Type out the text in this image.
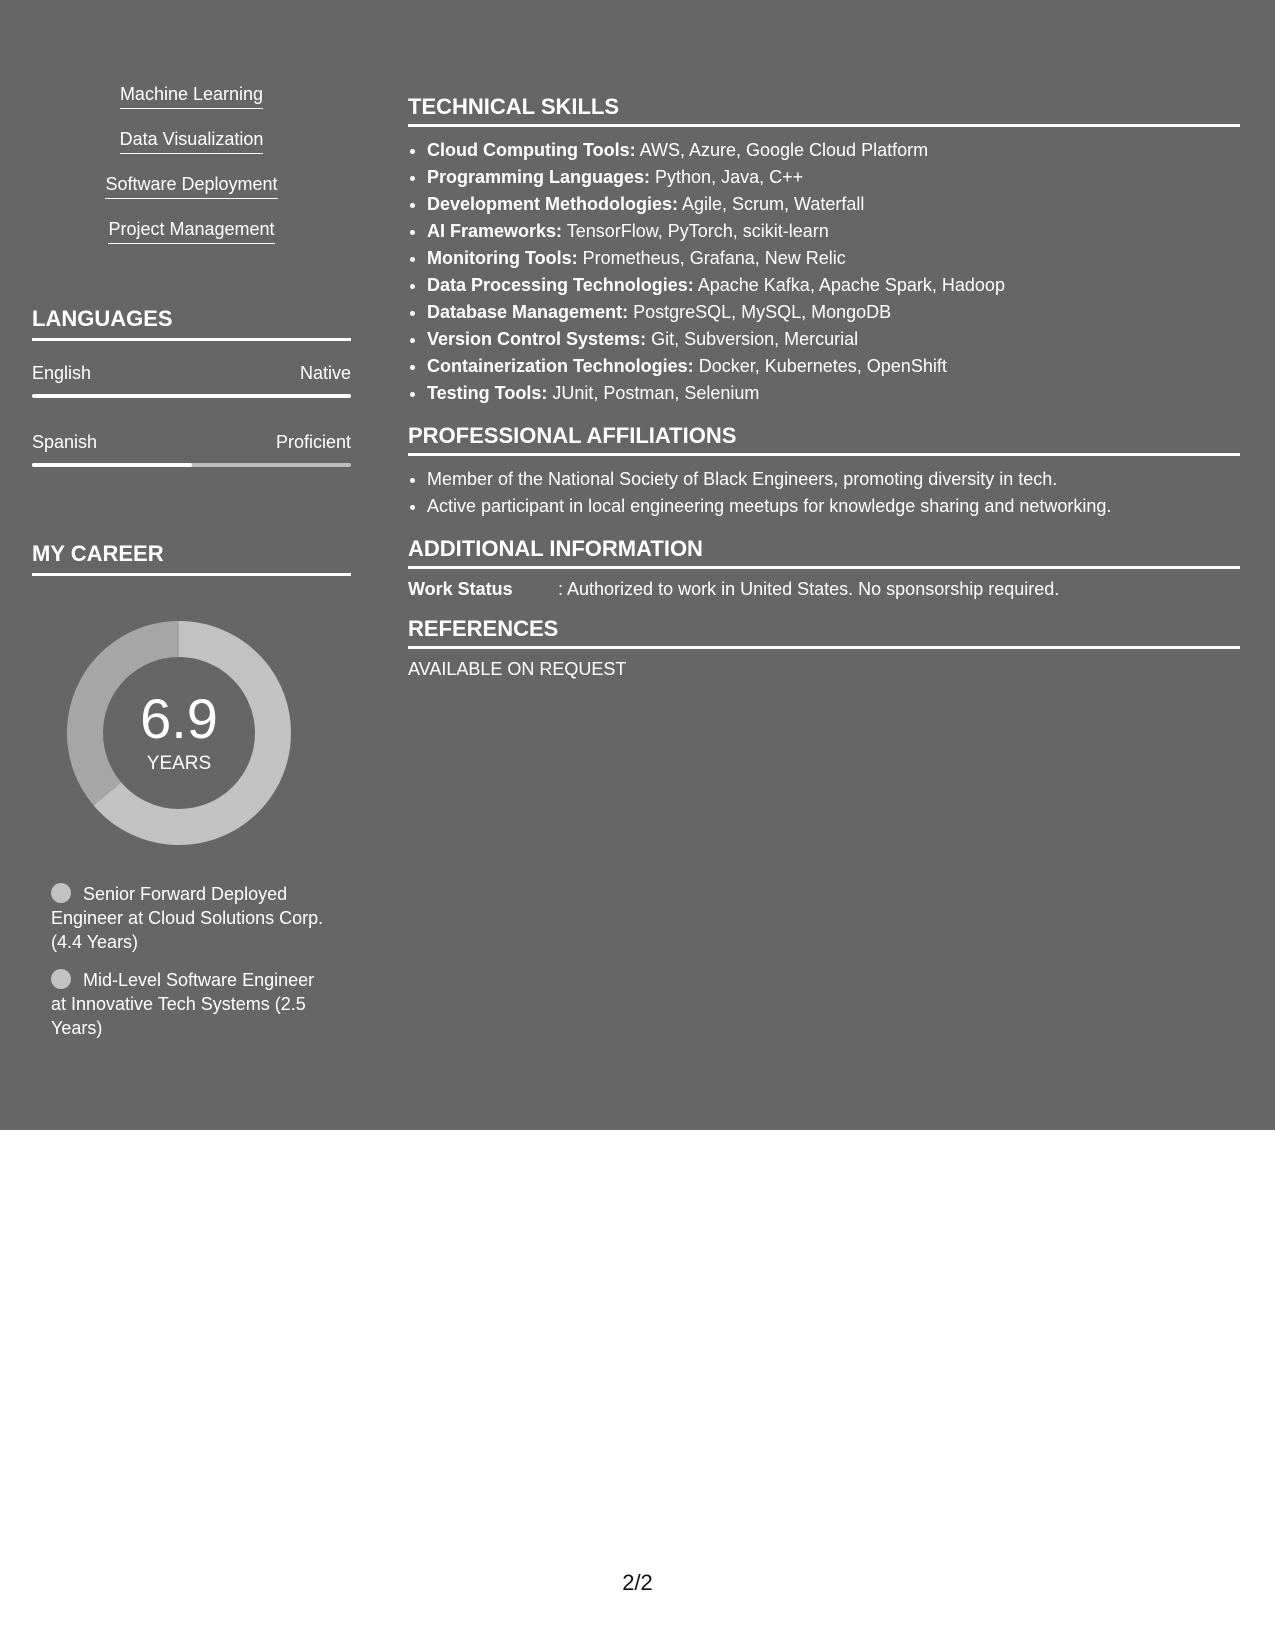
Machine Learning
Data Visualization
Software Deployment
Project Management
LANGUAGES
English	Native
Spanish	Proficient
MY CAREER
6.9
YEARS
Senior Forward Deployed Engineer at Cloud Solutions Corp. (4.4 Years)
Mid-Level Software Engineer at Innovative Tech Systems (2.5 Years)
TECHNICAL SKILLS
• Cloud Computing Tools: AWS, Azure, Google Cloud Platform
• Programming Languages: Python, Java, C++
• Development Methodologies: Agile, Scrum, Waterfall
• AI Frameworks: TensorFlow, PyTorch, scikit-learn
• Monitoring Tools: Prometheus, Grafana, New Relic
• Data Processing Technologies: Apache Kafka, Apache Spark, Hadoop
• Database Management: PostgreSQL, MySQL, MongoDB
• Version Control Systems: Git, Subversion, Mercurial
• Containerization Technologies: Docker, Kubernetes, OpenShift
• Testing Tools: JUnit, Postman, Selenium
PROFESSIONAL AFFILIATIONS
• Member of the National Society of Black Engineers, promoting diversity in tech.
• Active participant in local engineering meetups for knowledge sharing and networking.
ADDITIONAL INFORMATION
Work Status	: Authorized to work in United States. No sponsorship required.
REFERENCES
AVAILABLE ON REQUEST
2/2
